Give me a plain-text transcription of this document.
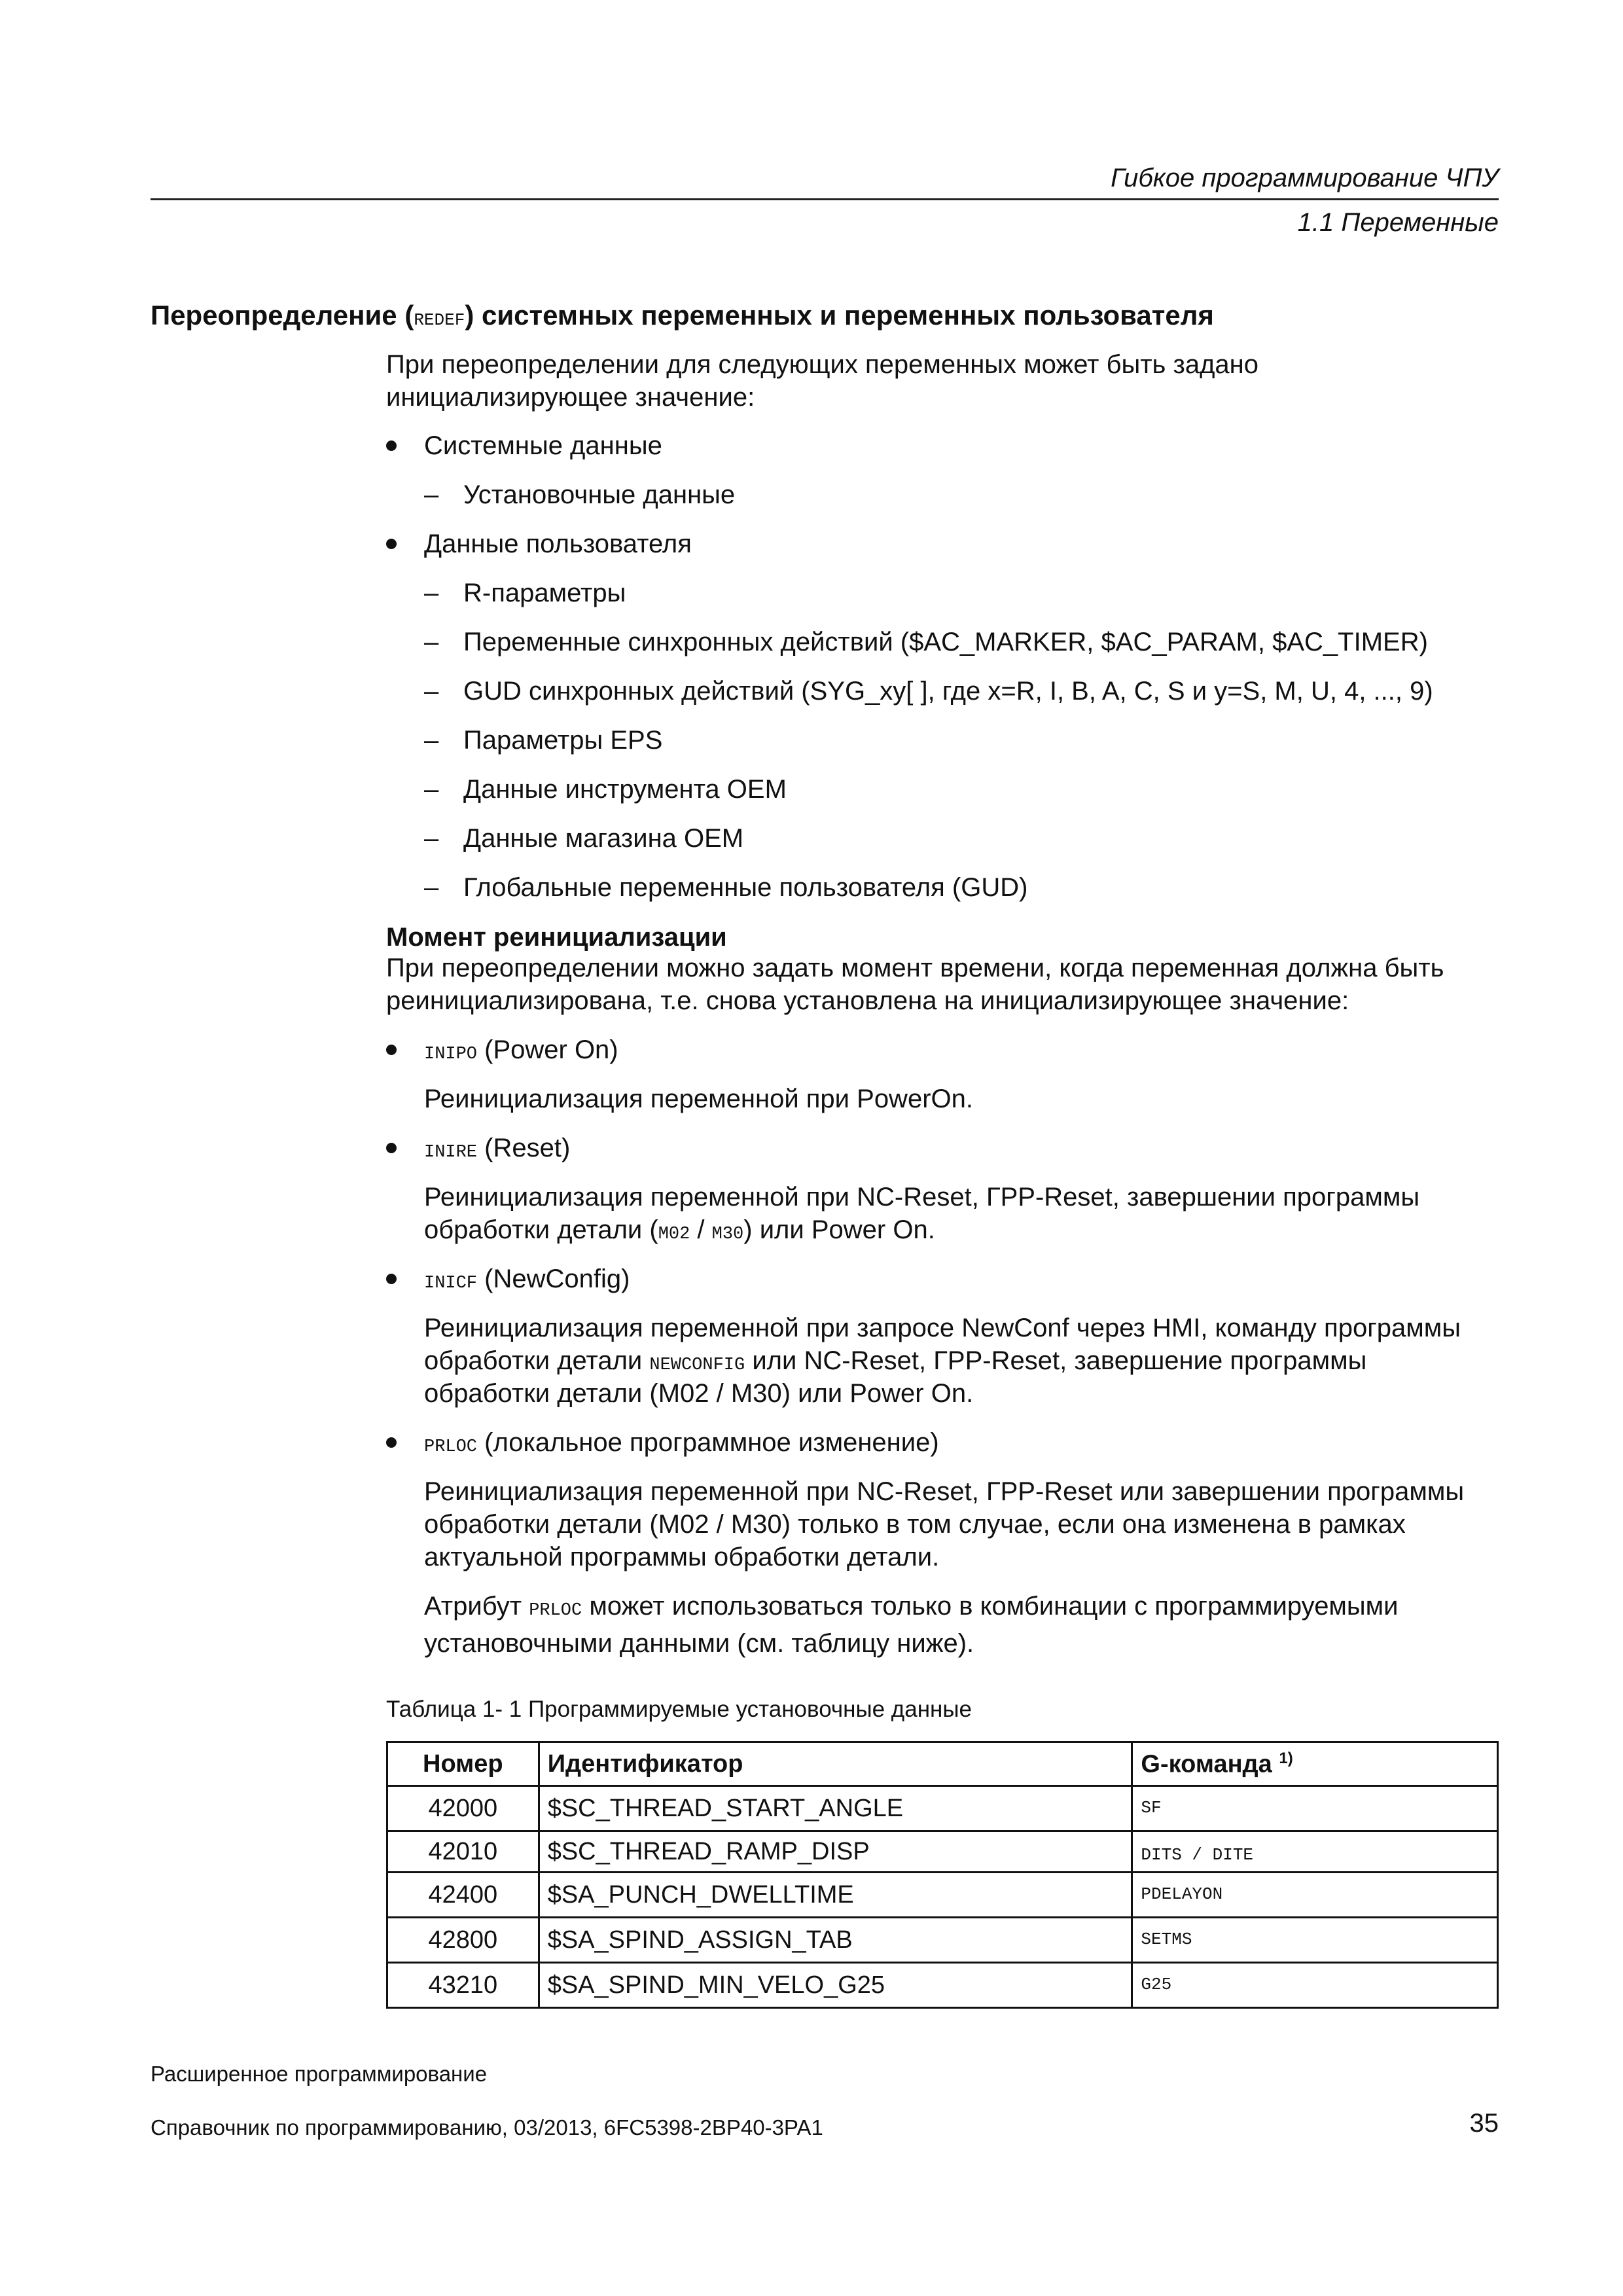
Гибкое программирование ЧПУ
1.1 Переменные
Переопределение (REDEF) системных переменных и переменных пользователя
При переопределении для следующих переменных может быть задано инициализирующее значение:
Системные данные
– Установочные данные
Данные пользователя
– R-параметры
– Переменные синхронных действий ($AC_MARKER, $AC_PARAM, $AC_TIMER)
– GUD синхронных действий (SYG_xy[ ], где x=R, I, B, A, C, S и y=S, M, U, 4, ..., 9)
– Параметры EPS
– Данные инструмента OEM
– Данные магазина OEM
– Глобальные переменные пользователя (GUD)
Момент реинициализации
При переопределении можно задать момент времени, когда переменная должна быть реинициализирована, т.е. снова установлена на инициализирующее значение:
INIPO (Power On)
Реинициализация переменной при PowerOn.
INIRE (Reset)
Реинициализация переменной при NC-Reset, ГРР-Reset, завершении программы
обработки детали (M02 / M30) или Power On.
INICF (NewConfig)
Реинициализация переменной при запросе NewConf через HMI, команду программы
обработки детали NEWCONFIG или NC-Reset, ГРР-Reset, завершение программы
обработки детали (M02 / M30) или Power On.
PRLOC (локальное программное изменение)
Реинициализация переменной при NC-Reset, ГРР-Reset или завершении программы обработки детали (M02 / M30) только в том случае, если она изменена в рамках актуальной программы обработки детали.
Атрибут PRLOC может использоваться только в комбинации с программируемыми установочными данными (см. таблицу ниже).
Таблица 1- 1 Программируемые установочные данные
Номер	Идентификатор	G-команда $^{1)}$
42000	$SC_THREAD_START_ANGLE	SF
42010	$SC_THREAD_RAMP_DISP	DITS / DITE
42400	$SA_PUNCH_DWELLTIME	PDELAYON
42800	$SA_SPIND_ASSIGN_TAB	SETMS
43210	$SA_SPIND_MIN_VELO_G25	G25
Расширенное программирование
Справочник по программированию, 03/2013, 6FC5398-2BP40-3PA1	35
